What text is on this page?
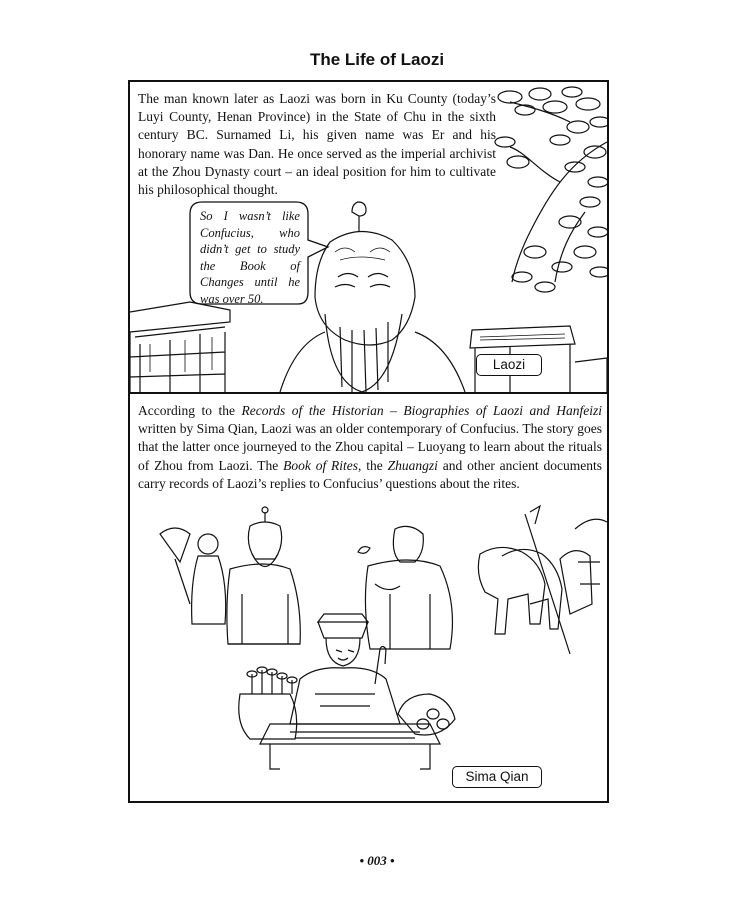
The Life of Laozi
The man known later as Laozi was born in Ku County (today’s Luyi County, Henan Province) in the State of Chu in the sixth century BC. Surnamed Li, his given name was Er and his honorary name was Dan. He once served as the imperial archivist at the Zhou Dynasty court – an ideal position for him to cultivate his philosophical thought.
So I wasn’t like Confucius, who didn’t get to study the Book of Changes until he was over 50.
Laozi
According to the Records of the Historian – Biographies of Laozi and Hanfeizi written by Sima Qian, Laozi was an older contemporary of Confucius. The story goes that the latter once journeyed to the Zhou capital – Luoyang to learn about the rituals of Zhou from Laozi. The Book of Rites, the Zhuangzi and other ancient documents carry records of Laozi’s replies to Confucius’ questions about the rites.
Sima Qian
• 003 •
